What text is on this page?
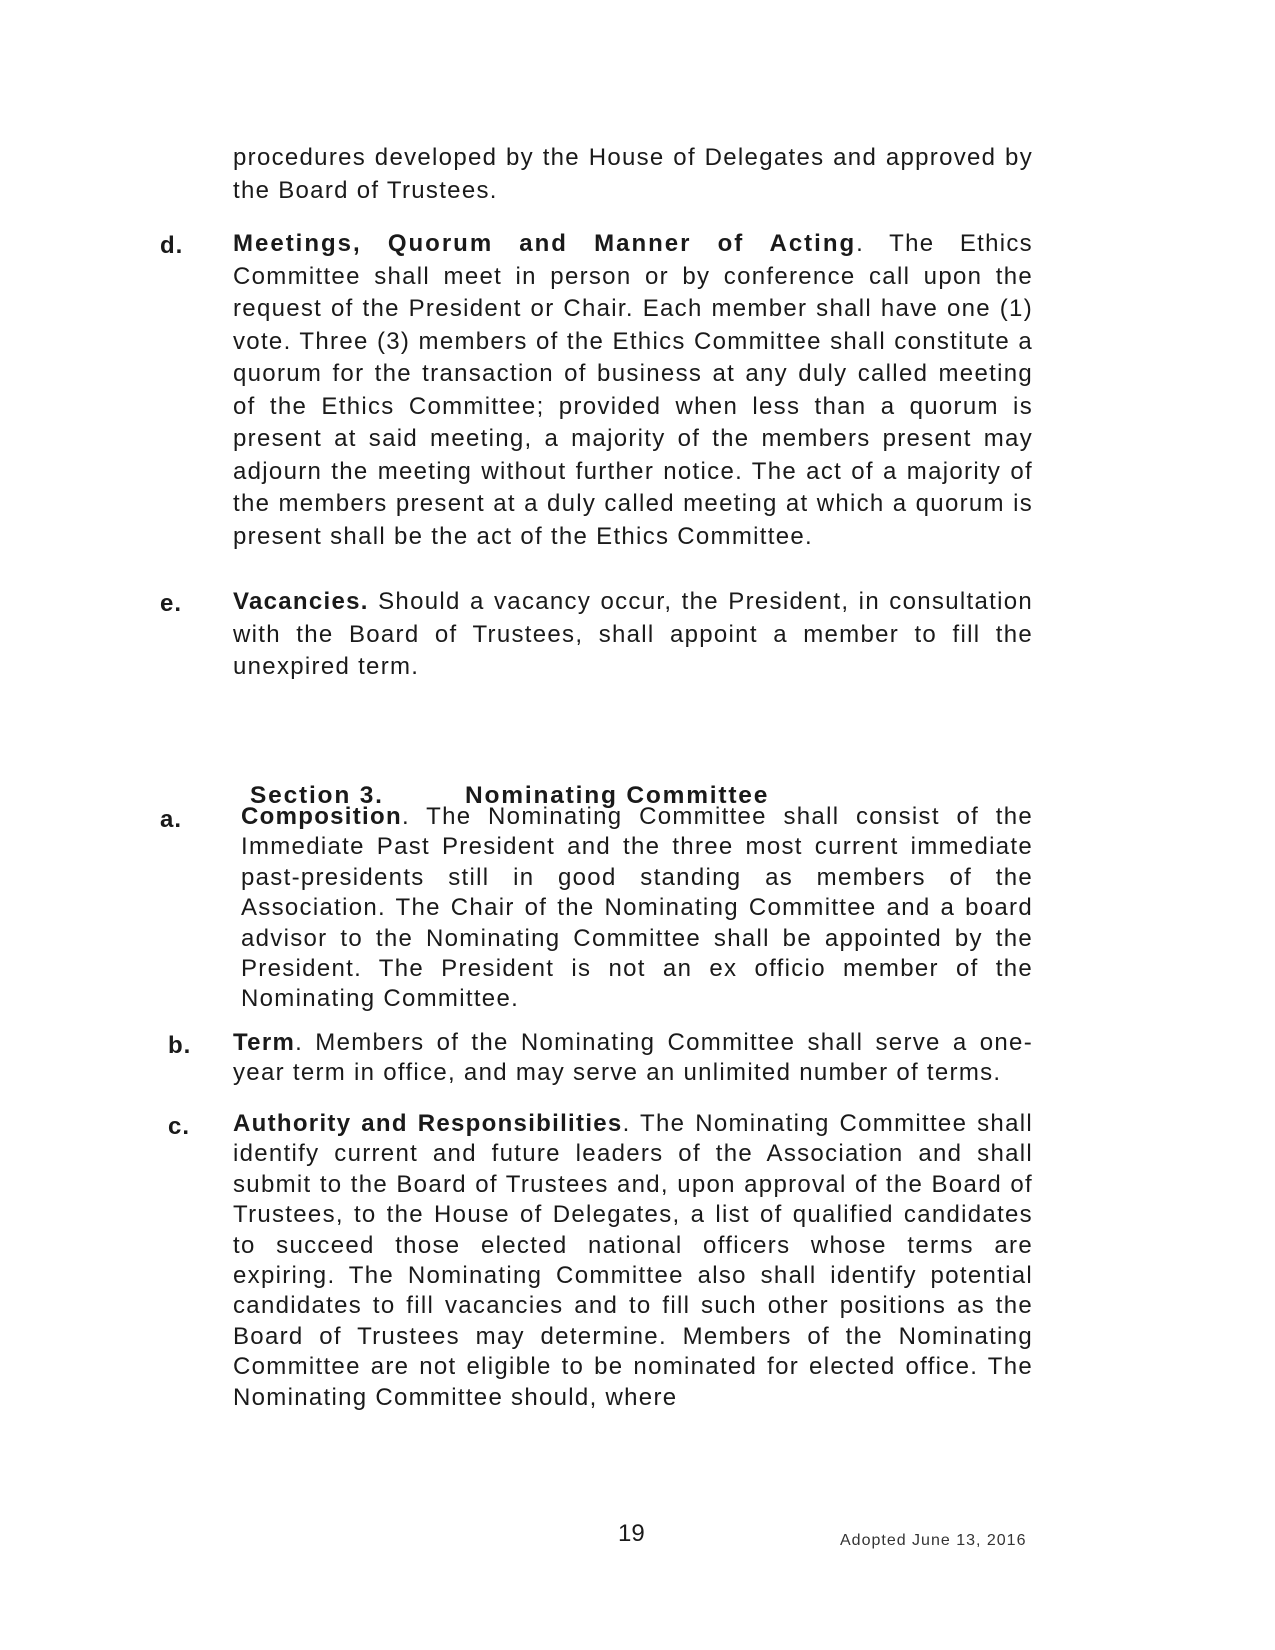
procedures developed by the House of Delegates and approved by the Board of Trustees.

d. Meetings, Quorum and Manner of Acting. The Ethics Committee shall meet in person or by conference call upon the request of the President or Chair. Each member shall have one (1) vote. Three (3) members of the Ethics Committee shall constitute a quorum for the transaction of business at any duly called meeting of the Ethics Committee; provided when less than a quorum is present at said meeting, a majority of the members present may adjourn the meeting without further notice. The act of a majority of the members present at a duly called meeting at which a quorum is present shall be the act of the Ethics Committee.

e. Vacancies. Should a vacancy occur, the President, in consultation with the Board of Trustees, shall appoint a member to fill the unexpired term.

Section 3.	Nominating Committee
a. Composition. The Nominating Committee shall consist of the Immediate Past President and the three most current immediate past-presidents still in good standing as members of the Association. The Chair of the Nominating Committee and a board advisor to the Nominating Committee shall be appointed by the President. The President is not an ex officio member of the Nominating Committee.

b. Term. Members of the Nominating Committee shall serve a one-year term in office, and may serve an unlimited number of terms.

c. Authority and Responsibilities. The Nominating Committee shall identify current and future leaders of the Association and shall submit to the Board of Trustees and, upon approval of the Board of Trustees, to the House of Delegates, a list of qualified candidates to succeed those elected national officers whose terms are expiring. The Nominating Committee also shall identify potential candidates to fill vacancies and to fill such other positions as the Board of Trustees may determine. Members of the Nominating Committee are not eligible to be nominated for elected office. The Nominating Committee should, where

19	Adopted June 13, 2016
